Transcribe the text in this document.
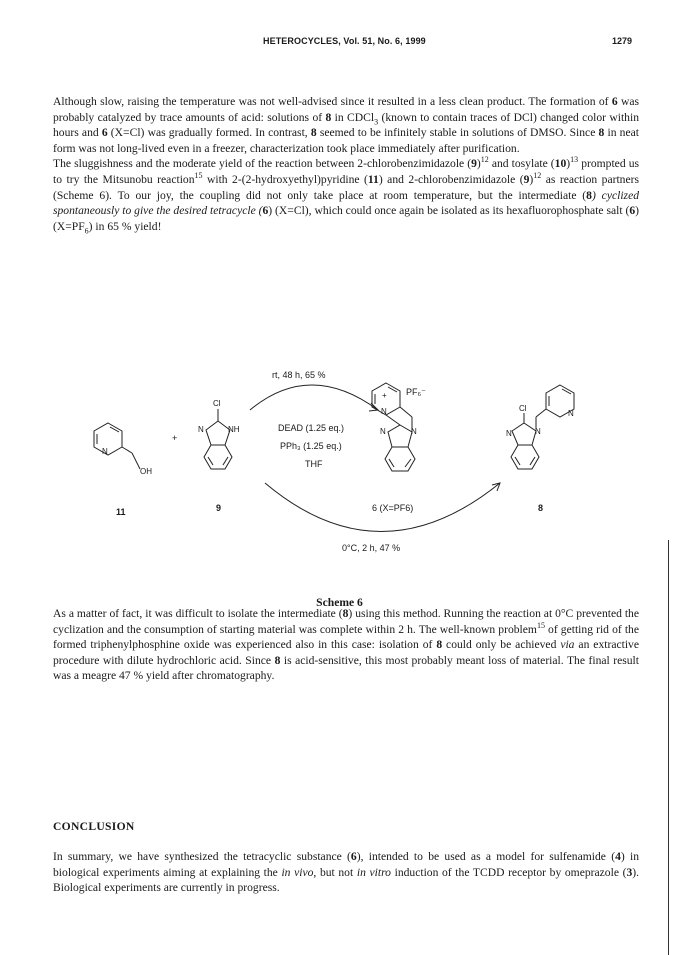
HETEROCYCLES, Vol. 51, No. 6, 1999	1279

Although slow, raising the temperature was not well-advised since it resulted in a less clean product. The formation of 6 was probably catalyzed by trace amounts of acid: solutions of 8 in CDCl$_3$ (known to contain traces of DCl) changed color within hours and 6 (X=Cl) was gradually formed. In contrast, 8 seemed to be infinitely stable in solutions of DMSO. Since 8 in neat form was not long-lived even in a freezer, characterization took place immediately after purification.
The sluggishness and the moderate yield of the reaction between 2-chlorobenzimidazole $(9)^{12}$ and tosylate $(10)^{13}$ prompted us to try the Mitsunobu reaction$^{15}$ with 2-(2-hydroxyethyl)pyridine (11) and 2-chlorobenzimidazole $(9)^{12}$ as reaction partners (Scheme 6). To our joy, the coupling did not only take place at room temperature, but the intermediate (8) cyclized spontaneously to give the desired tetracycle (6) (X=Cl), which could once again be isolated as its hexafluorophosphate salt (6) $(X=PF_6)$ in 65 % yield!

N
OH
+
Cl
N	NH
rt, 48 h, 65 %
DEAD (1.25 eq.)
PPh₃ (1.25 eq.)
THF
+
N
PF₆⁻
N	N
Cl
N	N
N
11	9	6 (X=PF6)	8
0°C, 2 h, 47 %

Scheme 6

As a matter of fact, it was difficult to isolate the intermediate (8) using this method. Running the reaction at 0°C prevented the cyclization and the consumption of starting material was complete within 2 h. The well-known problem$^{15}$ of getting rid of the formed triphenylphosphine oxide was experienced also in this case: isolation of 8 could only be achieved via an extractive procedure with dilute hydrochloric acid. Since 8 is acid-sensitive, this most probably meant loss of material. The final result was a meagre 47 % yield after chromatography.

CONCLUSION

In summary, we have synthesized the tetracyclic substance (6), intended to be used as a model for sulfenamide (4) in biological experiments aiming at explaining the in vivo, but not in vitro induction of the TCDD receptor by omeprazole (3). Biological experiments are currently in progress.
